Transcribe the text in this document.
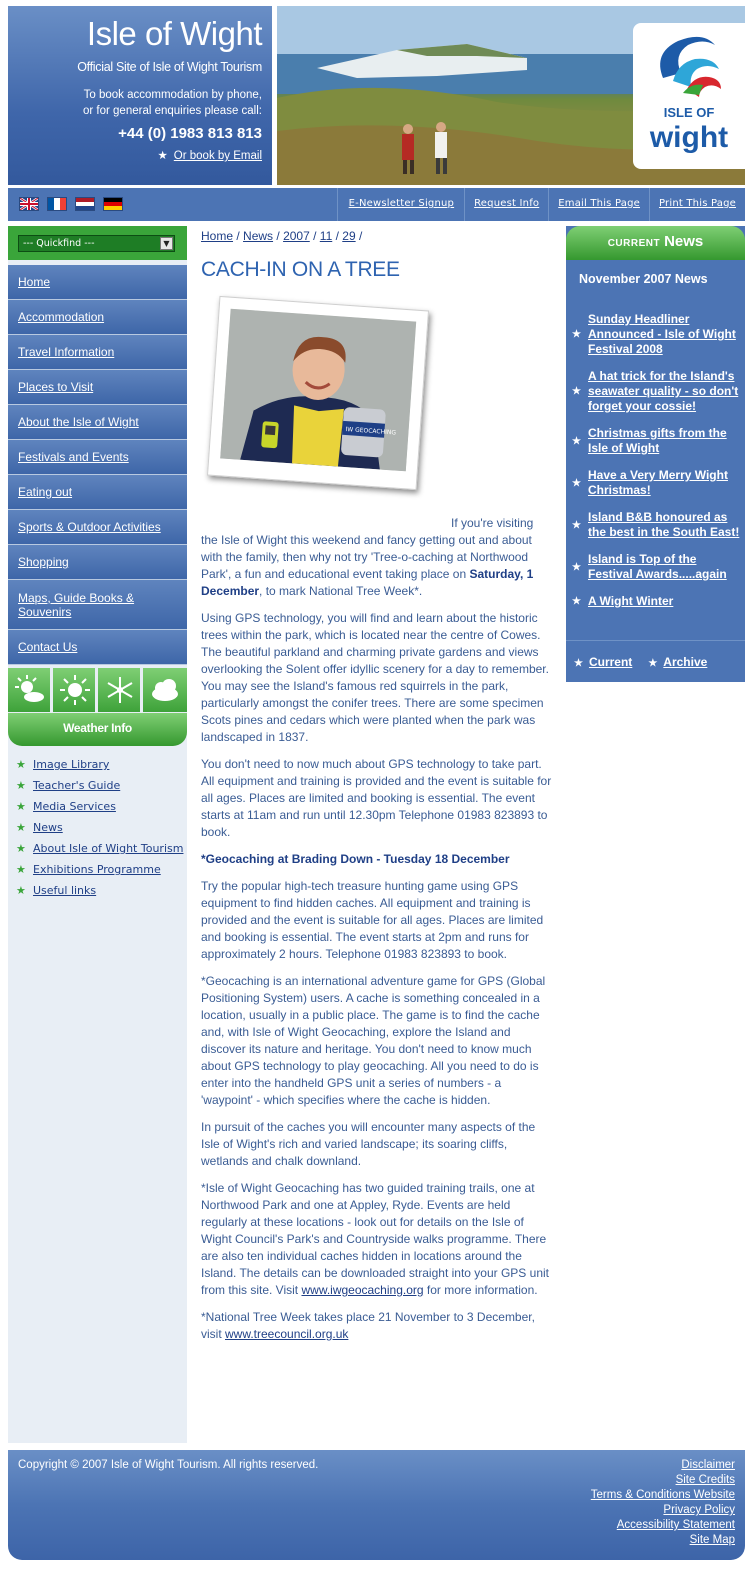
Isle of Wight
Official Site of Isle of Wight Tourism
To book accommodation by phone,
or for general enquiries please call:
+44 (0) 1983 813 813
★ Or book by Email
ISLE OF
wight
E-Newsletter Signup	Request Info	Email This Page	Print This Page
--- Quickfind ---	▼
Home
Accommodation
Travel Information
Places to Visit
About the Isle of Wight
Festivals and Events
Eating out
Sports & Outdoor Activities
Shopping
Maps, Guide Books & Souvenirs
Contact Us
Weather Info
★ Image Library
★ Teacher's Guide
★ Media Services
★ News
★ About Isle of Wight Tourism
★ Exhibitions Programme
★ Useful links
Home / News / 2007 / 11 / 29 /
CACH-IN ON A TREE
IW GEOCACHING

If you're visiting the Isle of Wight this weekend and fancy getting out and about with the family, then why not try 'Tree-o-caching at Northwood Park', a fun and educational event taking place on Saturday, 1 December, to mark National Tree Week*.

Using GPS technology, you will find and learn about the historic trees within the park, which is located near the centre of Cowes. The beautiful parkland and charming private gardens and views overlooking the Solent offer idyllic scenery for a day to remember. You may see the Island's famous red squirrels in the park, particularly amongst the conifer trees. There are some specimen Scots pines and cedars which were planted when the park was landscaped in 1837.

You don't need to now much about GPS technology to take part. All equipment and training is provided and the event is suitable for all ages. Places are limited and booking is essential. The event starts at 11am and run until 12.30pm Telephone 01983 823893 to book.

*Geocaching at Brading Down - Tuesday 18 December

Try the popular high-tech treasure hunting game using GPS equipment to find hidden caches. All equipment and training is provided and the event is suitable for all ages. Places are limited and booking is essential. The event starts at 2pm and runs for approximately 2 hours. Telephone 01983 823893 to book.

*Geocaching is an international adventure game for GPS (Global Positioning System) users. A cache is something concealed in a location, usually in a public place. The game is to find the cache and, with Isle of Wight Geocaching, explore the Island and discover its nature and heritage. You don't need to know much about GPS technology to play geocaching. All you need to do is enter into the handheld GPS unit a series of numbers - a 'waypoint' - which specifies where the cache is hidden.

In pursuit of the caches you will encounter many aspects of the Isle of Wight's rich and varied landscape; its soaring cliffs, wetlands and chalk downland.

*Isle of Wight Geocaching has two guided training trails, one at Northwood Park and one at Appley, Ryde. Events are held regularly at these locations - look out for details on the Isle of Wight Council's Park's and Countryside walks programme. There are also ten individual caches hidden in locations around the Island. The details can be downloaded straight into your GPS unit from this site. Visit www.iwgeocaching.org for more information.

*National Tree Week takes place 21 November to 3 December, visit www.treecouncil.org.uk

CURRENT News
November 2007 News
★
Sunday Headliner Announced - Isle of Wight Festival 2008
★
A hat trick for the Island's seawater quality - so don't forget your cossie!
★
Christmas gifts from the Isle of Wight
★
Have a Very Merry Wight Christmas!
★
Island B&B honoured as the best in the South East!
★
Island is Top of the Festival Awards.....again
★ A Wight Winter
★ Current ★ Archive
Copyright © 2007 Isle of Wight Tourism. All rights reserved.	Disclaimer
Site Credits
Terms & Conditions Website
Privacy Policy
Accessibility Statement
Site Map
